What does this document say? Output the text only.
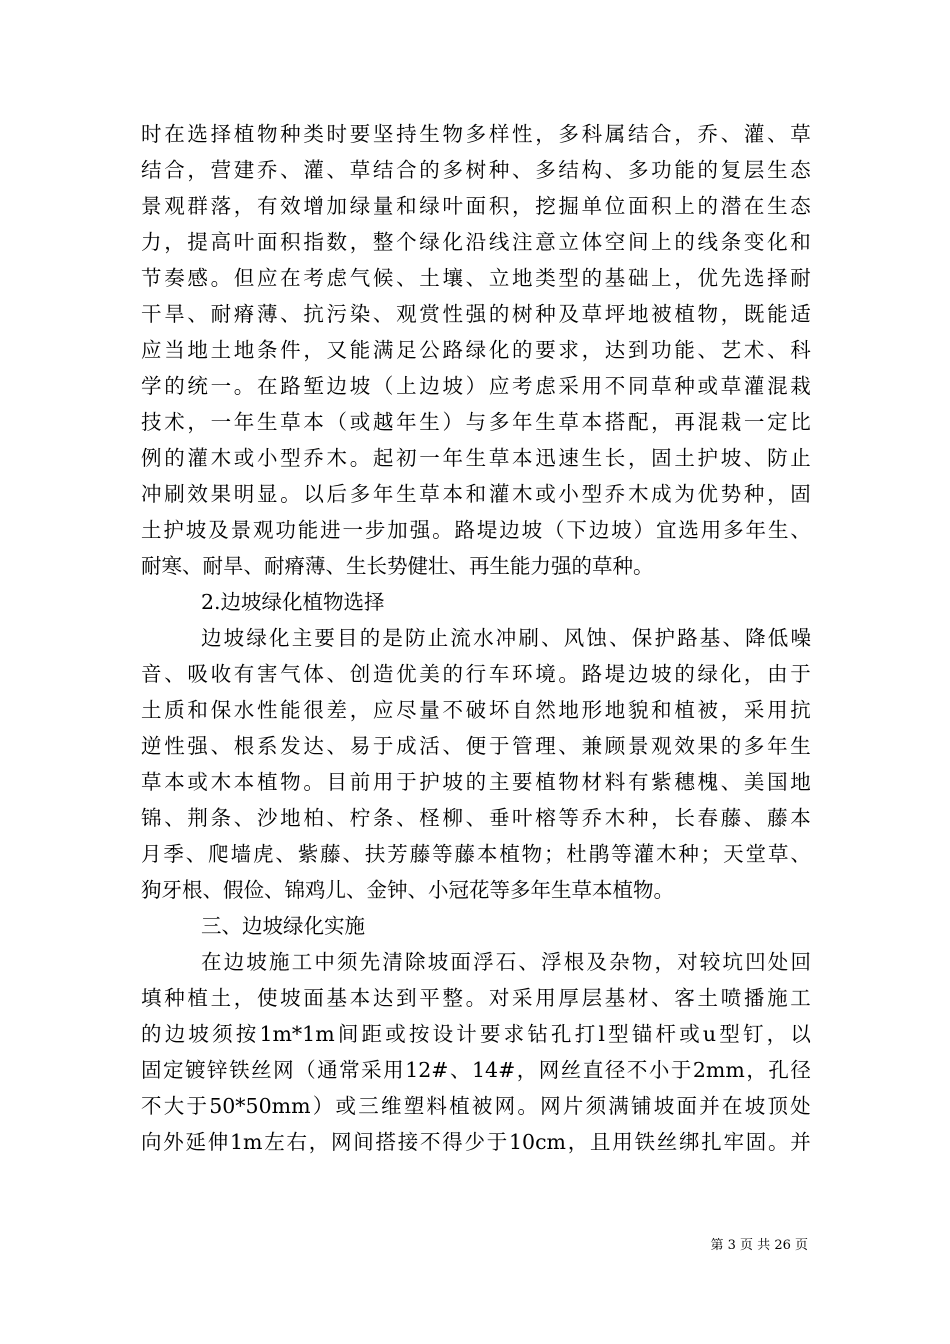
时 在 选 择 植 物 种 类 时 要 坚 持 生 物 多 样 性 ， 多 科 属 结 合 ， 乔 、 灌 、 草
结 合 ， 营 建 乔 、 灌 、 草 结 合 的 多 树 种 、 多 结 构 、 多 功 能 的 复 层 生 态
景 观 群 落 ， 有 效 增 加 绿 量 和 绿 叶 面 积 ， 挖 掘 单 位 面 积 上 的 潜 在 生 态
力 ， 提 高 叶 面 积 指 数 ， 整 个 绿 化 沿 线 注 意 立 体 空 间 上 的 线 条 变 化 和
节 奏 感 。 但 应 在 考 虑 气 候 、 土 壤 、 立 地 类 型 的 基 础 上 ， 优 先 选 择 耐
干 旱 、 耐 瘠 薄 、 抗 污 染 、 观 赏 性 强 的 树 种 及 草 坪 地 被 植 物 ， 既 能 适
应 当 地 土 地 条 件 ， 又 能 满 足 公 路 绿 化 的 要 求 ， 达 到 功 能 、 艺 术 、 科
学 的 统 一 。 在 路 堑 边 坡 （ 上 边 坡 ） 应 考 虑 采 用 不 同 草 种 或 草 灌 混 栽
技 术 ， 一 年 生 草 本 （ 或 越 年 生 ） 与 多 年 生 草 本 搭 配 ， 再 混 栽 一 定 比
例 的 灌 木 或 小 型 乔 木 。 起 初 一 年 生 草 本 迅 速 生 长 ， 固 土 护 坡 、 防 止
冲 刷 效 果 明 显 。 以 后 多 年 生 草 本 和 灌 木 或 小 型 乔 木 成 为 优 势 种 ， 固
土 护 坡 及 景 观 功 能 进 一 步 加 强 。 路 堤 边 坡 （ 下 边 坡 ） 宜 选 用 多 年 生 、
耐寒、耐旱、耐瘠薄、生长势健壮、再生能力强的草种。
2.边坡绿化植物选择
边 坡 绿 化 主 要 目 的 是 防 止 流 水 冲 刷 、 风 蚀 、 保 护 路 基 、 降 低 噪
音 、 吸 收 有 害 气 体 、 创 造 优 美 的 行 车 环 境 。 路 堤 边 坡 的 绿 化 ， 由 于
土 质 和 保 水 性 能 很 差 ， 应 尽 量 不 破 坏 自 然 地 形 地 貌 和 植 被 ， 采 用 抗
逆 性 强 、 根 系 发 达 、 易 于 成 活 、 便 于 管 理 、 兼 顾 景 观 效 果 的 多 年 生
草 本 或 木 本 植 物 。 目 前 用 于 护 坡 的 主 要 植 物 材 料 有 紫 穗 槐 、 美 国 地
锦 、 荆 条 、 沙 地 柏 、 柠 条 、 柽 柳 、 垂 叶 榕 等 乔 木 种 ， 长 春 藤 、 藤 本
月 季 、 爬 墙 虎 、 紫 藤 、 扶 芳 藤 等 藤 本 植 物 ； 杜 鹃 等 灌 木 种 ； 天 堂 草 、
狗牙根、假俭、锦鸡儿、金钟、小冠花等多年生草本植物。
三、边坡绿化实施
在 边 坡 施 工 中 须 先 清 除 坡 面 浮 石 、 浮 根 及 杂 物 ， 对 较 坑 凹 处 回
填 种 植 土 ， 使 坡 面 基 本 达 到 平 整 。 对 采 用 厚 层 基 材 、 客 土 喷 播 施 工
的 边 坡 须 按 1m*1m 间 距 或 按 设 计 要 求 钻 孔 打 l 型 锚 杆 或 u 型 钉 ， 以
固 定 镀 锌 铁 丝 网 （ 通 常 采 用 12# 、 14# ， 网 丝 直 径 不 小 于 2mm ， 孔 径
不 大 于 50*50mm ） 或 三 维 塑 料 植 被 网 。 网 片 须 满 铺 坡 面 并 在 坡 顶 处
向 外 延 伸 1m 左 右 ， 网 间 搭 接 不 得 少 于 10cm ， 且 用 铁 丝 绑 扎 牢 固 。 并
第 3 页 共 26 页
